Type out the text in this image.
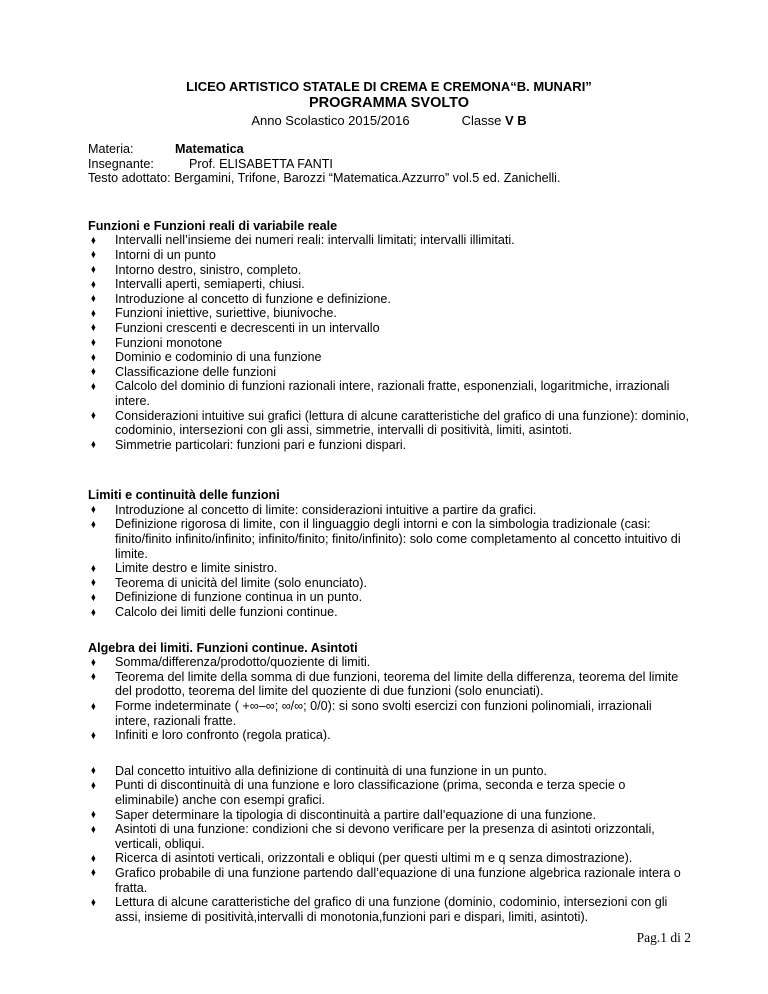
LICEO ARTISTICO STATALE DI CREMA E CREMONA“B. MUNARI”
PROGRAMMA SVOLTO
Anno Scolastico 2015/2016	Classe V B
Materia:	Matematica
Insegnante:	Prof. ELISABETTA FANTI
Testo adottato: Bergamini, Trifone, Barozzi “Matematica.Azzurro” vol.5 ed. Zanichelli.
Funzioni e Funzioni reali di variabile reale
♦ Intervalli nell’insieme dei numeri reali: intervalli limitati; intervalli illimitati.
♦ Intorni di un punto
♦ Intorno destro, sinistro, completo.
♦ Intervalli aperti, semiaperti, chiusi.
♦ Introduzione al concetto di funzione e definizione.
♦ Funzioni iniettive, suriettive, biunivoche.
♦ Funzioni crescenti e decrescenti in un intervallo
♦ Funzioni monotone
♦ Dominio e codominio di una funzione
♦ Classificazione delle funzioni
♦ Calcolo del dominio di funzioni razionali intere, razionali fratte, esponenziali, logaritmiche, irrazionali intere.
♦ Considerazioni intuitive sui grafici (lettura di alcune caratteristiche del grafico di una funzione): dominio, codominio, intersezioni con gli assi, simmetrie, intervalli di positività, limiti, asintoti.
♦ Simmetrie particolari: funzioni pari e funzioni dispari.
Limiti e continuità delle funzioni
♦ Introduzione al concetto di limite: considerazioni intuitive a partire da grafici.
♦ Definizione rigorosa di limite, con il linguaggio degli intorni e con la simbologia tradizionale (casi: finito/finito infinito/infinito; infinito/finito; finito/infinito): solo come completamento al concetto intuitivo di limite.
♦ Limite destro e limite sinistro.
♦ Teorema di unicità del limite (solo enunciato).
♦ Definizione di funzione continua in un punto.
♦ Calcolo dei limiti delle funzioni continue.
Algebra dei limiti. Funzioni continue. Asintoti
♦ Somma/differenza/prodotto/quoziente di limiti.
♦ Teorema del limite della somma di due funzioni, teorema del limite della differenza, teorema del limite del prodotto, teorema del limite del quoziente di due funzioni (solo enunciati).
♦ Forme indeterminate ( +∞–∞; ∞/∞; 0/0): si sono svolti esercizi con funzioni polinomiali, irrazionali intere, razionali fratte.
♦ Infiniti e loro confronto (regola pratica).
♦ Dal concetto intuitivo alla definizione di continuità di una funzione in un punto.
♦ Punti di discontinuità di una funzione e loro classificazione (prima, seconda e terza specie o eliminabile) anche con esempi grafici.
♦ Saper determinare la tipologia di discontinuità a partire dall’equazione di una funzione.
♦ Asintoti di una funzione: condizioni che si devono verificare per la presenza di asintoti orizzontali, verticali, obliqui.
♦ Ricerca di asintoti verticali, orizzontali e obliqui (per questi ultimi m e q senza dimostrazione).
♦ Grafico probabile di una funzione partendo dall’equazione di una funzione algebrica razionale intera o fratta.
♦ Lettura di alcune caratteristiche del grafico di una funzione (dominio, codominio, intersezioni con gli assi, insieme di positività,intervalli di monotonia,funzioni pari e dispari, limiti, asintoti).
Pag.1 di 2
